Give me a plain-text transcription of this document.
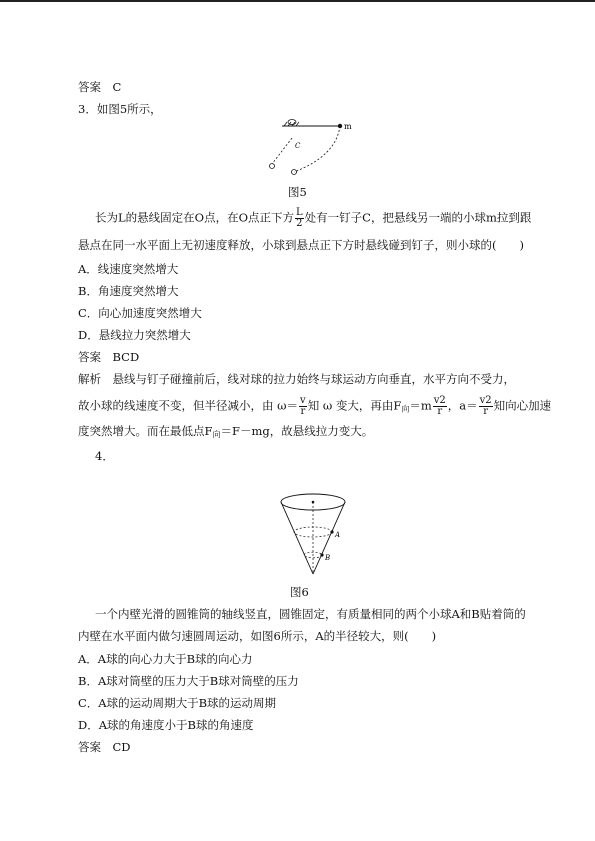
答案　C
3．如图5所示，
m
C
图5
长为L的悬线固定在O点，在O点正下方 $\frac{L}{2}$ 处有一钉子C，把悬线另一端的小球m拉到跟
悬点在同一水平面上无初速度释放，小球到悬点正下方时悬线碰到钉子，则小球的(　　)
A．线速度突然增大
B．角速度突然增大
C．向心加速度突然增大
D．悬线拉力突然增大
答案　BCD
解析　悬线与钉子碰撞前后，线对球的拉力始终与球运动方向垂直，水平方向不受力，
故小球的线速度不变，但半径减小，由 $\omega= \frac{v}{r}$ 知 ω 变大，再由$F_向=m \frac{v2}{r}$ ，$a= \frac{v2}{r}$ 知向心加速
度突然增大。而在最低点$F_向=F-mg$，故悬线拉力变大。
4．
A
B
图6
一个内壁光滑的圆锥筒的轴线竖直，圆锥固定，有质量相同的两个小球A和B贴着筒的
内壁在水平面内做匀速圆周运动，如图6所示，A的半径较大，则(　　)
A．A球的向心力大于B球的向心力
B．A球对筒壁的压力大于B球对筒壁的压力
C．A球的运动周期大于B球的运动周期
D．A球的角速度小于B球的角速度
答案　CD
